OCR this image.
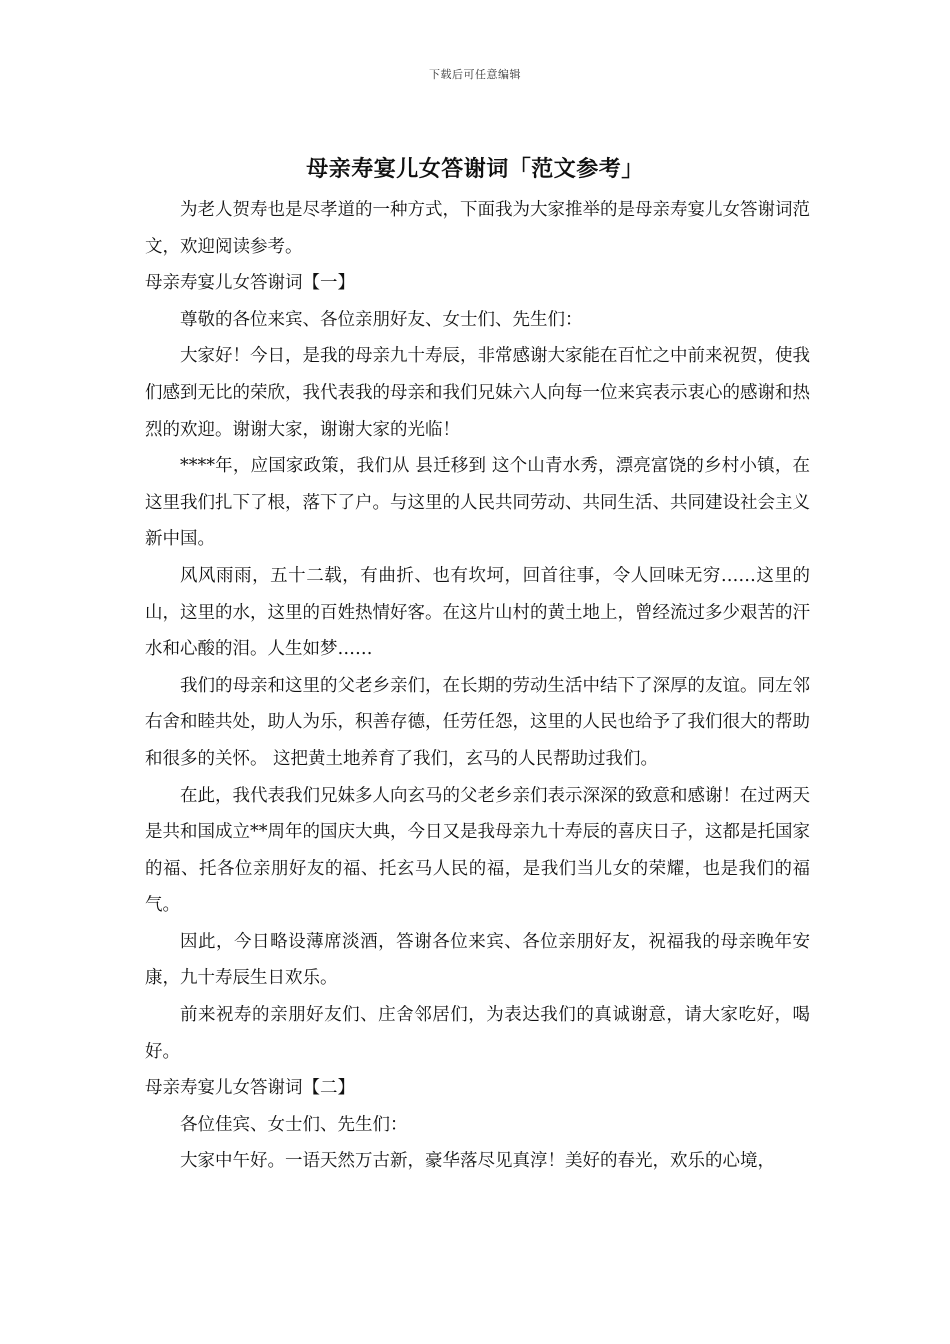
下载后可任意编辑
母亲寿宴儿女答谢词「范文参考」

为老人贺寿也是尽孝道的一种方式，下面我为大家推举的是母亲寿宴儿女答谢词范文，欢迎阅读参考。

母亲寿宴儿女答谢词【一】

尊敬的各位来宾、各位亲朋好友、女士们、先生们：

大家好！今日，是我的母亲九十寿辰，非常感谢大家能在百忙之中前来祝贺，使我们感到无比的荣欣，我代表我的母亲和我们兄妹六人向每一位来宾表示衷心的感谢和热烈的欢迎。谢谢大家，谢谢大家的光临！

****年，应国家政策，我们从 县迁移到 这个山青水秀，漂亮富饶的乡村小镇，在这里我们扎下了根，落下了户。与这里的人民共同劳动、共同生活、共同建设社会主义新中国。

风风雨雨，五十二载，有曲折、也有坎坷，回首往事，令人回味无穷……这里的山，这里的水，这里的百姓热情好客。在这片山村的黄土地上，曾经流过多少艰苦的汗水和心酸的泪。人生如梦……

我们的母亲和这里的父老乡亲们，在长期的劳动生活中结下了深厚的友谊。同左邻右舍和睦共处，助人为乐，积善存德，任劳任怨，这里的人民也给予了我们很大的帮助和很多的关怀。 这把黄土地养育了我们，玄马的人民帮助过我们。

在此，我代表我们兄妹多人向玄马的父老乡亲们表示深深的致意和感谢！在过两天是共和国成立**周年的国庆大典，今日又是我母亲九十寿辰的喜庆日子，这都是托国家的福、托各位亲朋好友的福、托玄马人民的福，是我们当儿女的荣耀，也是我们的福气。

因此，今日略设薄席淡酒，答谢各位来宾、各位亲朋好友，祝福我的母亲晚年安康，九十寿辰生日欢乐。

前来祝寿的亲朋好友们、庄舍邻居们，为表达我们的真诚谢意，请大家吃好，喝好。

母亲寿宴儿女答谢词【二】

各位佳宾、女士们、先生们：

大家中午好。一语天然万古新，豪华落尽见真淳！美好的春光，欢乐的心境，
